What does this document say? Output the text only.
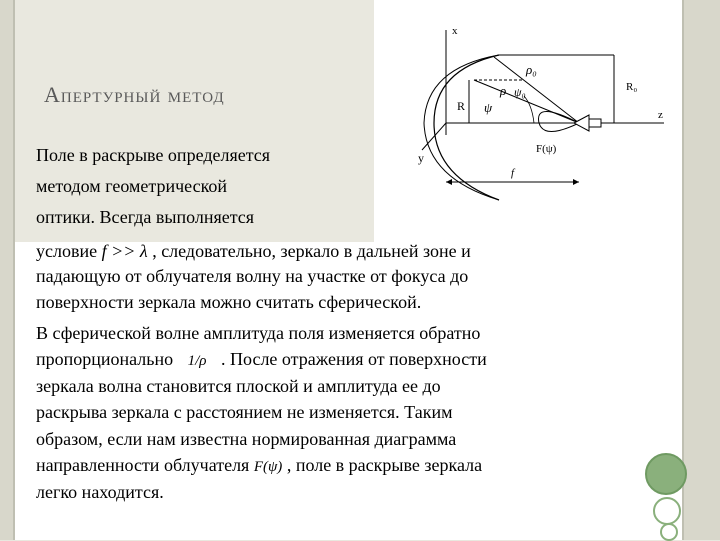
Апертурный метод
x
z
y
R₀
R
ρ₀
ρ ψ₀
ψ
F(ψ)
f
Поле в раскрыве определяется
методом геометрической
оптики. Всегда выполняется
условие f >> λ , следовательно, зеркало в дальней зоне и
падающую от облучателя волну на участке от фокуса до
поверхности зеркала можно считать сферической.
В сферической волне амплитуда поля изменяется обратно
пропорционально 1/ρ . После отражения от поверхности
зеркала волна становится плоской и амплитуда ее до
раскрыва зеркала с расстоянием не изменяется. Таким
образом, если нам известна нормированная диаграмма
направленности облучателя F(ψ) , поле в раскрыве зеркала
легко находится.
